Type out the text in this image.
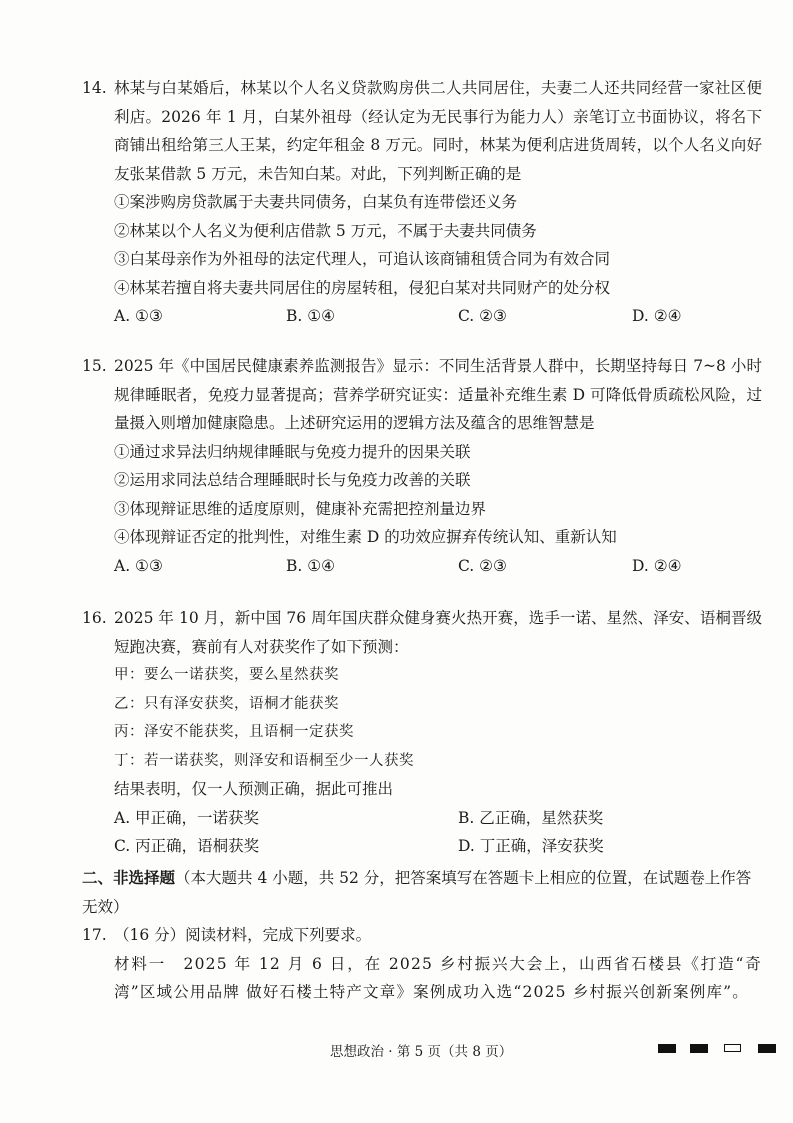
14. 林某与白某婚后，林某以个人名义贷款购房供二人共同居住，夫妻二人还共同经营一家社区便利店。2026 年 1 月，白某外祖母（经认定为无民事行为能力人）亲笔订立书面协议，将名下商铺出租给第三人王某，约定年租金 8 万元。同时，林某为便利店进货周转，以个人名义向好友张某借款 5 万元，未告知白某。对此，下列判断正确的是
①案涉购房贷款属于夫妻共同债务，白某负有连带偿还义务
②林某以个人名义为便利店借款 5 万元，不属于夫妻共同债务
③白某母亲作为外祖母的法定代理人，可追认该商铺租赁合同为有效合同
④林某若擅自将夫妻共同居住的房屋转租，侵犯白某对共同财产的处分权
A. ①③	B. ①④	C. ②③	D. ②④
15. 2025 年《中国居民健康素养监测报告》显示：不同生活背景人群中，长期坚持每日 7~8 小时规律睡眠者，免疫力显著提高；营养学研究证实：适量补充维生素 D 可降低骨质疏松风险，过量摄入则增加健康隐患。上述研究运用的逻辑方法及蕴含的思维智慧是
①通过求异法归纳规律睡眠与免疫力提升的因果关联
②运用求同法总结合理睡眠时长与免疫力改善的关联
③体现辩证思维的适度原则，健康补充需把控剂量边界
④体现辩证否定的批判性，对维生素 D 的功效应摒弃传统认知、重新认知
A. ①③	B. ①④	C. ②③	D. ②④
16. 2025 年 10 月，新中国 76 周年国庆群众健身赛火热开赛，选手一诺、星然、泽安、语桐晋级短跑决赛，赛前有人对获奖作了如下预测：
甲：要么一诺获奖，要么星然获奖
乙：只有泽安获奖，语桐才能获奖
丙：泽安不能获奖，且语桐一定获奖
丁：若一诺获奖，则泽安和语桐至少一人获奖
结果表明，仅一人预测正确，据此可推出
A. 甲正确，一诺获奖	B. 乙正确，星然获奖
C. 丙正确，语桐获奖	D. 丁正确，泽安获奖
二、非选择题（本大题共 4 小题，共 52 分，把答案填写在答题卡上相应的位置，在试题卷上作答无效）
17. （16 分）阅读材料，完成下列要求。
材料一　2025 年 12 月 6 日，在 2025 乡村振兴大会上，山西省石楼县《打造“奇湾”区域公用品牌 做好石楼土特产文章》案例成功入选“2025 乡村振兴创新案例库”。
思想政治 · 第 5 页（共 8 页）
